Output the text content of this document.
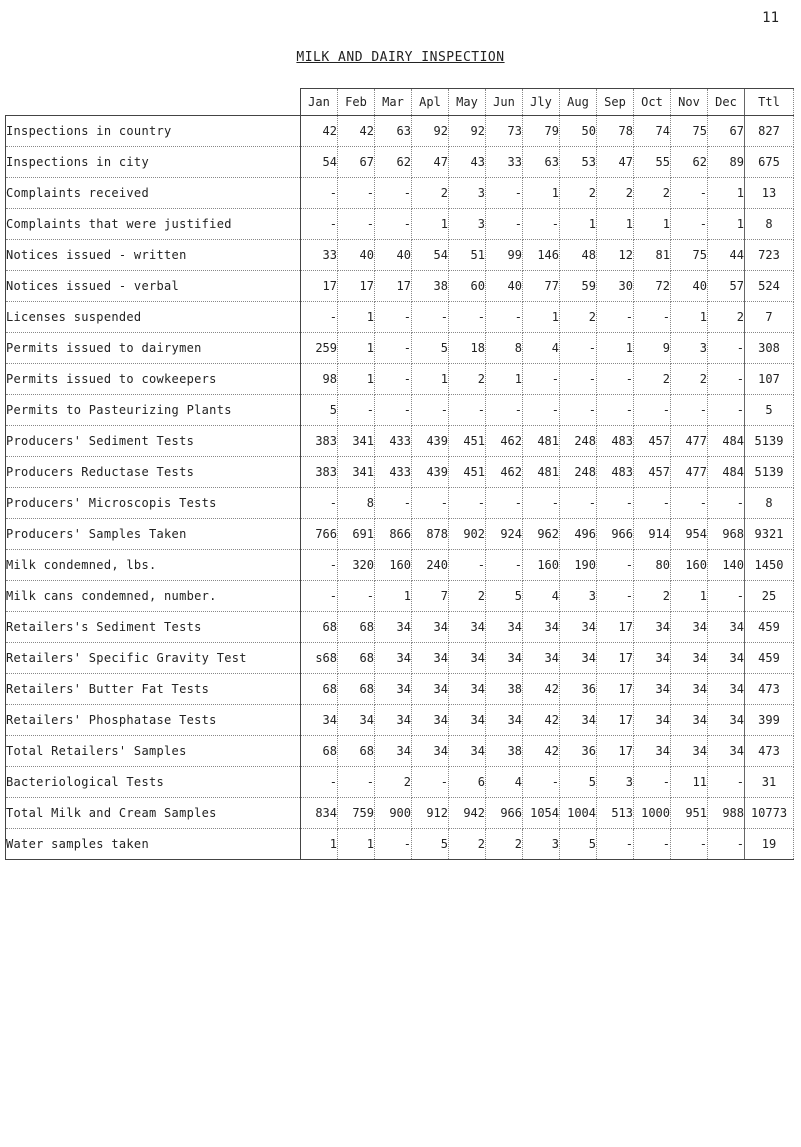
11
MILK AND DAIRY INSPECTION
	Jan	Feb	Mar	Apl	May	Jun	Jly	Aug	Sep	Oct	Nov	Dec	Ttl
Inspections in country	42	42	63	92	92	73	79	50	78	74	75	67	827
Inspections in city	54	67	62	47	43	33	63	53	47	55	62	89	675
Complaints received	-	-	-	2	3	-	1	2	2	2	-	1	13
Complaints that were justified	-	-	-	1	3	-	-	1	1	1	-	1	8
Notices issued - written	33	40	40	54	51	99	146	48	12	81	75	44	723
Notices issued - verbal	17	17	17	38	60	40	77	59	30	72	40	57	524
Licenses suspended	-	1	-	-	-	-	1	2	-	-	1	2	7
Permits issued to dairymen	259	1	-	5	18	8	4	-	1	9	3	-	308
Permits issued to cowkeepers	98	1	-	1	2	1	-	-	-	2	2	-	107
Permits to Pasteurizing Plants	5	-	-	-	-	-	-	-	-	-	-	-	5
Producers' Sediment Tests	383	341	433	439	451	462	481	248	483	457	477	484	5139
Producers Reductase Tests	383	341	433	439	451	462	481	248	483	457	477	484	5139
Producers' Microscopis Tests	-	8	-	-	-	-	-	-	-	-	-	-	8
Producers' Samples Taken	766	691	866	878	902	924	962	496	966	914	954	968	9321
Milk condemned, lbs.	-	320	160	240	-	-	160	190	-	80	160	140	1450
Milk cans condemned, number.	-	-	1	7	2	5	4	3	-	2	1	-	25
Retailers's Sediment Tests	68	68	34	34	34	34	34	34	17	34	34	34	459
Retailers' Specific Gravity Test	s68	68	34	34	34	34	34	34	17	34	34	34	459
Retailers' Butter Fat Tests	68	68	34	34	34	38	42	36	17	34	34	34	473
Retailers' Phosphatase Tests	34	34	34	34	34	34	42	34	17	34	34	34	399
Total Retailers' Samples	68	68	34	34	34	38	42	36	17	34	34	34	473
Bacteriological Tests	-	-	2	-	6	4	-	5	3	-	11	-	31
Total Milk and Cream Samples	834	759	900	912	942	966	1054	1004	513	1000	951	988	10773
Water samples taken	1	1	-	5	2	2	3	5	-	-	-	-	19
